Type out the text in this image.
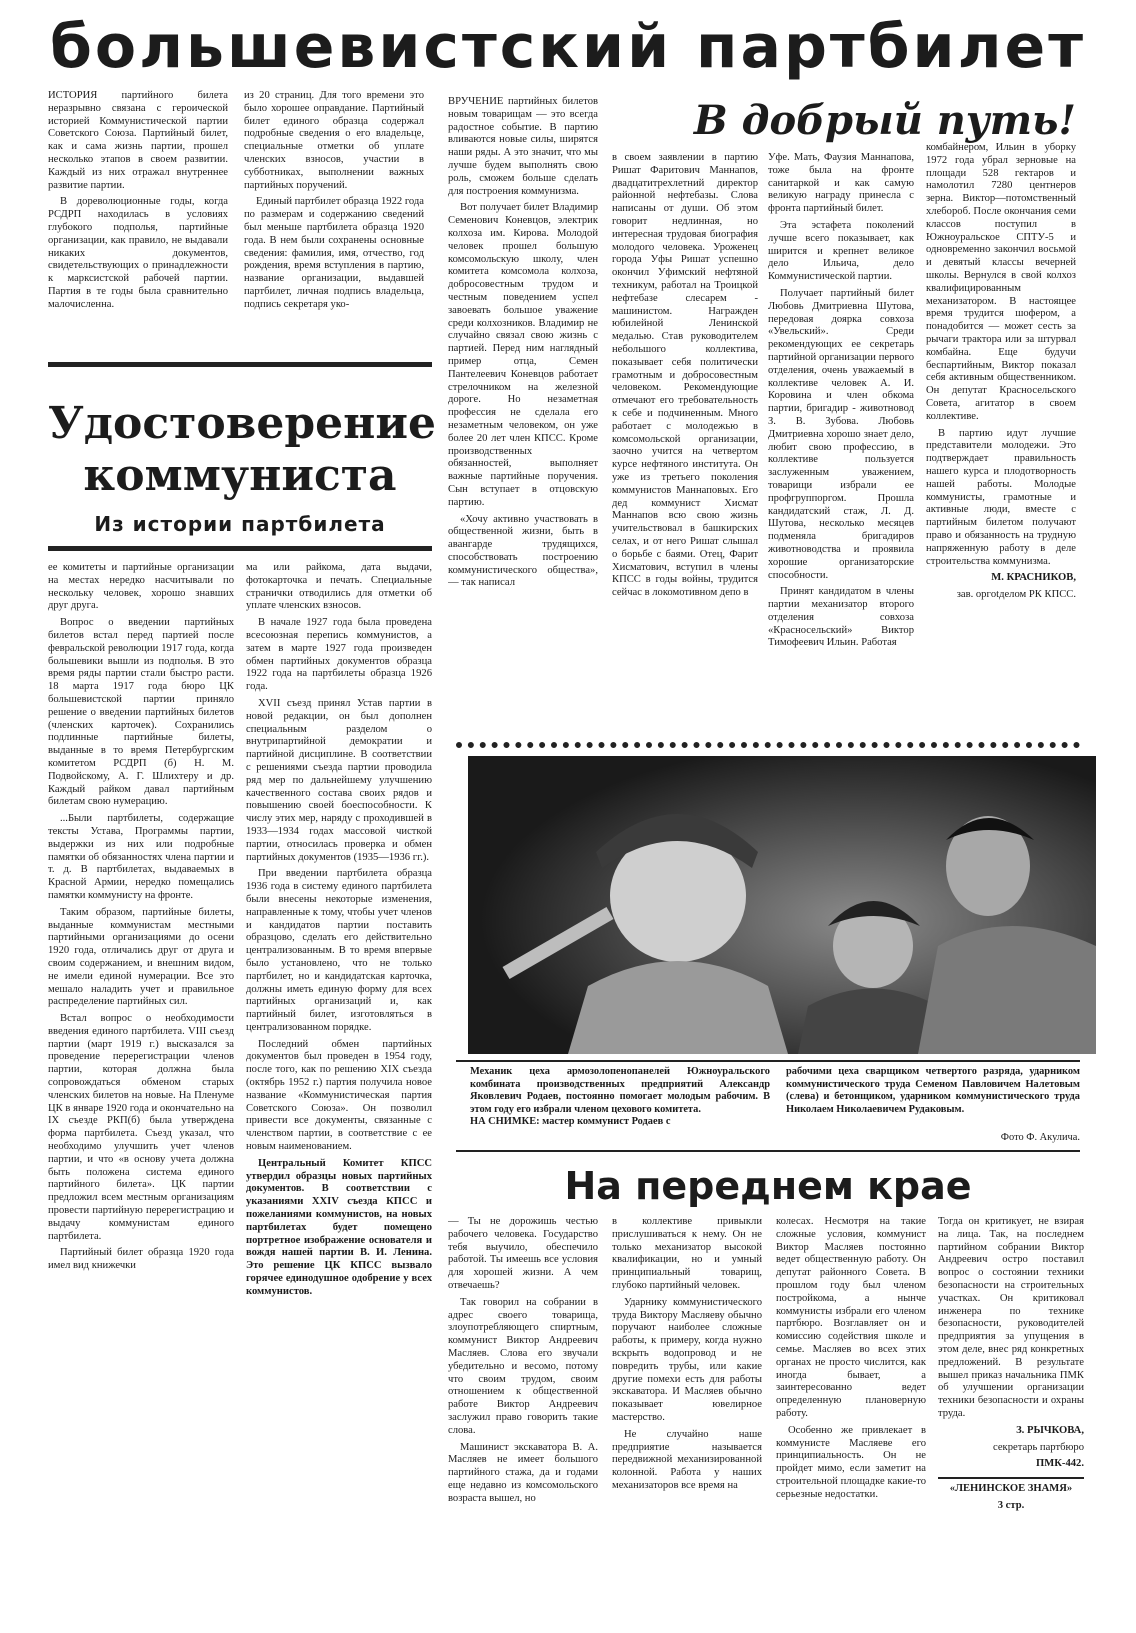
большевистский партбилет

ИСТОРИЯ партийного билета неразрывно связана с героической историей Коммунистической партии Советского Союза. Партийный билет, как и сама жизнь партии, прошел несколько этапов в своем развитии. Каждый из них отражал внутреннее развитие партии.

В дореволюционные годы, когда РСДРП находилась в условиях глубокого подполья, партийные организации, как правило, не выдавали никаких документов, свидетельствующих о принадлежности к марксистской рабочей партии. Партия в те годы была сравнительно малочисленна.

из 20 страниц. Для того времени это было хорошее оправдание. Партийный билет единого образца содержал подробные сведения о его владельце, специальные отметки об уплате членских взносов, участии в субботниках, выполнении важных партийных поручений.

Единый партбилет образца 1922 года по размерам и содержанию сведений был меньше партбилета образца 1920 года. В нем были сохранены основные сведения: фамилия, имя, отчество, год рождения, время вступления в партию, название организации, выдавшей партбилет, личная подпись владельца, подпись секретаря уко-

Удостоверение
коммуниста
Из истории партбилета

ее комитеты и партийные организации на местах нередко насчитывали по нескольку человек, хорошо знавших друг друга.

Вопрос о введении партийных билетов встал перед партией после февральской революции 1917 года, когда большевики вышли из подполья. В это время ряды партии стали быстро расти. 18 марта 1917 года бюро ЦК большевистской партии приняло решение о введении партийных билетов (членских карточек). Сохранились подлинные партийные билеты, выданные в то время Петербургским комитетом РСДРП (б) Н. М. Подвойскому, А. Г. Шлихтеру и др. Каждый райком давал партийным билетам свою нумерацию.

...Были партбилеты, содержащие тексты Устава, Программы партии, выдержки из них или подробные памятки об обязанностях члена партии и т. д. В партбилетах, выдаваемых в Красной Армии, нередко помещались памятки коммунисту на фронте.

Таким образом, партийные билеты, выданные коммунистам местными партийными организациями до осени 1920 года, отличались друг от друга и своим содержанием, и внешним видом, не имели единой нумерации. Все это мешало наладить учет и правильное распределение партийных сил.

Встал вопрос о необходимости введения единого партбилета. VIII съезд партии (март 1919 г.) высказался за проведение перерегистрации членов партии, которая должна была сопровождаться обменом старых членских билетов на новые. На Пленуме ЦК в январе 1920 года и окончательно на IX съезде РКП(б) была утверждена форма партбилета. Съезд указал, что необходимо улучшить учет членов партии, и что «в основу учета должна быть положена система единого партийного билета». ЦК партии предложил всем местным организациям провести партийную перерегистрацию и выдачу коммунистам единого партбилета.

Партийный билет образца 1920 года имел вид книжечки

ма или райкома, дата выдачи, фотокарточка и печать. Специальные странички отводились для отметки об уплате членских взносов.

В начале 1927 года была проведена всесоюзная перепись коммунистов, а затем в марте 1927 года произведен обмен партийных документов образца 1922 года на партбилеты образца 1926 года.

XVII съезд принял Устав партии в новой редакции, он был дополнен специальным разделом о внутрипартийной демократии и партийной дисциплине. В соответствии с решениями съезда партии проводила ряд мер по дальнейшему улучшению качественного состава своих рядов и повышению своей боеспособности. К числу этих мер, наряду с проходившей в 1933—1934 годах массовой чисткой партии, относилась проверка и обмен партийных документов (1935—1936 гг.).

При введении партбилета образца 1936 года в систему единого партбилета были внесены некоторые изменения, направленные к тому, чтобы учет членов и кандидатов партии поставить образцово, сделать его действительно централизованным. В то время впервые было установлено, что не только партбилет, но и кандидатская карточка, должны иметь единую форму для всех партийных организаций и, как партийный билет, изготовляться в централизованном порядке.

Последний обмен партийных документов был проведен в 1954 году, после того, как по решению XIX съезда (октябрь 1952 г.) партия получила новое название «Коммунистическая партия Советского Союза». Он позволил привести все документы, связанные с членством партии, в соответствие с ее новым наименованием.

Центральный Комитет КПСС утвердил образцы новых партийных документов. В соответствии с указаниями XXIV съезда КПСС и пожеланиями коммунистов, на новых партбилетах будет помещено портретное изображение основателя и вождя нашей партии В. И. Ленина. Это решение ЦК КПСС вызвало горячее единодушное одобрение у всех коммунистов.

ВРУЧЕНИЕ партийных билетов новым товарищам — это всегда радостное событие. В партию вливаются новые силы, ширятся наши ряды. А это значит, что мы лучше будем выполнять свою роль, сможем больше сделать для построения коммунизма.

Вот получает билет Владимир Семенович Коневцов, электрик колхоза им. Кирова. Молодой человек прошел большую комсомольскую школу, член комитета комсомола колхоза, добросовестным трудом и честным поведением успел завоевать большое уважение среди колхозников. Владимир не случайно связал свою жизнь с партией. Перед ним наглядный пример отца, Семен Пантелеевич Коневцов работает стрелочником на железной дороге. Но незаметная профессия не сделала его незаметным человеком, он уже более 20 лет член КПСС. Кроме производственных обязанностей, выполняет важные партийные поручения. Сын вступает в отцовскую партию.

«Хочу активно участвовать в общественной жизни, быть в авангарде трудящихся, способствовать построению коммунистического общества», — так написал

В добрый путь!

в своем заявлении в партию Ришат Фаритович Маннапов, двадцатитрехлетний директор районной нефтебазы. Слова написаны от души. Об этом говорит недлинная, но интересная трудовая биография молодого человека. Уроженец города Уфы Ришат успешно окончил Уфимский нефтяной техникум, работал на Троицкой нефтебазе слесарем - машинистом. Награжден юбилейной Ленинской медалью. Став руководителем небольшого коллектива, показывает себя политически грамотным и добросовестным человеком. Рекомендующие отмечают его требовательность к себе и подчиненным. Много работает с молодежью в комсомольской организации, заочно учится на четвертом курсе нефтяного института. Он уже из третьего поколения коммунистов Маннаповых. Его дед коммунист Хисмат Маннапов всю свою жизнь учительствовал в башкирских селах, и от него Ришат слышал о борьбе с баями. Отец, Фарит Хисматович, вступил в члены КПСС в годы войны, трудится сейчас в локомотивном депо в

Уфе. Мать, Фаузия Маннапова, тоже была на фронте санитаркой и как самую великую награду принесла с фронта партийный билет.

Эта эстафета поколений лучше всего показывает, как ширится и крепнет великое дело Ильича, дело Коммунистической партии.

Получает партийный билет Любовь Дмитриевна Шутова, передовая доярка совхоза «Увельский». Среди рекомендующих ее секретарь партийной организации первого отделения, очень уважаемый в коллективе человек А. И. Коровина и член обкома партии, бригадир - животновод З. В. Зубова. Любовь Дмитриевна хорошо знает дело, любит свою профессию, в коллективе пользуется заслуженным уважением, товарищи избрали ее профгруппоргом. Прошла кандидатский стаж, Л. Д. Шутова, несколько месяцев подменяла бригадиров животноводства и проявила хорошие организаторские способности.

Принят кандидатом в члены партии механизатор второго отделения совхоза «Красносельский» Виктор Тимофеевич Ильин. Работая

комбайнером, Ильин в уборку 1972 года убрал зерновые на площади 528 гектаров и намолотил 7280 центнеров зерна. Виктор—потомственный хлебороб. После окончания семи классов поступил в Южноуральское СПТУ-5 и одновременно закончил восьмой и девятый классы вечерней школы. Вернулся в свой колхоз квалифицированным механизатором. В настоящее время трудится шофером, а понадобится — может сесть за рычаги трактора или за штурвал комбайна. Еще будучи беспартийным, Виктор показал себя активным общественником. Он депутат Красносельского Совета, агитатор в своем коллективе.

В партию идут лучшие представители молодежи. Это подтверждает правильность нашего курса и плодотворность нашей работы. Молодые коммунисты, грамотные и активные люди, вместе с партийным билетом получают право и обязанность на трудную напряженную работу в деле строительства коммунизма.

М. КРАСНИКОВ,

зав. оргotделом РК КПСС.

Механик цеха армозолопенопанелей Южноуральского комбината производственных предприятий Александр Яковлевич Родаев, постоянно помогает молодым рабочим. В этом году его избрали членом цехового комитета.
НА СНИМКЕ: мастер коммунист Родаев с
рабочими цеха сварщиком четвертого разряда, ударником коммунистического труда Семеном Павловичем Налетовым (слева) и бетонщиком, ударником коммунистического труда Николаем Николаевичем Рудаковым.
Фото Ф. Акулича.
На переднем крае

— Ты не дорожишь честью рабочего человека. Государство тебя выучило, обеспечило работой. Ты имеешь все условия для хорошей жизни. А чем отвечаешь?

Так говорил на собрании в адрес своего товарища, злоупотребляющего спиртным, коммунист Виктор Андреевич Масляев. Слова его звучали убедительно и весомо, потому что своим трудом, своим отношением к общественной работе Виктор Андреевич заслужил право говорить такие слова.

Машинист экскаватора В. А. Масляев не имеет большого партийного стажа, да и годами еще недавно из комсомольского возраста вышел, но

в коллективе привыкли прислушиваться к нему. Он не только механизатор высокой квалификации, но и умный принципиальный товарищ, глубоко партийный человек.

Ударнику коммунистического труда Виктору Масляеву обычно поручают наиболее сложные работы, к примеру, когда нужно вскрыть водопровод и не повредить трубы, или какие другие помехи есть для работы экскаватора. И Масляев обычно показывает ювелирное мастерство.

Не случайно наше предприятие называется передвижной механизированной колонной. Работа у наших механизаторов все время на

колесах. Несмотря на такие сложные условия, коммунист Виктор Масляев постоянно ведет общественную работу. Он депутат районного Совета. В прошлом году был членом постройкома, а нынче коммунисты избрали его членом партбюро. Возглавляет он и комиссию содействия школе и семье. Масляев во всех этих органах не просто числится, как иногда бывает, а заинтересованно ведет определенную плановерную работу.

Особенно же привлекает в коммунисте Масляеве его принципиальность. Он не пройдет мимо, если заметит на строительной площадке какие-то серьезные недостатки.

Тогда он критикует, не взирая на лица. Так, на последнем партийном собрании Виктор Андреевич остро поставил вопрос о состоянии техники безопасности на строительных участках. Он критиковал инженера по технике безопасности, руководителей предприятия за упущения в этом деле, внес ряд конкретных предложений. В результате вышел приказ начальника ПМК об улучшении организации техники безопасности и охраны труда.

З. РЫЧКОВА,

секретарь партбюро

ПМК-442.

«ЛЕНИНСКОЕ ЗНАМЯ»

3 стр.
